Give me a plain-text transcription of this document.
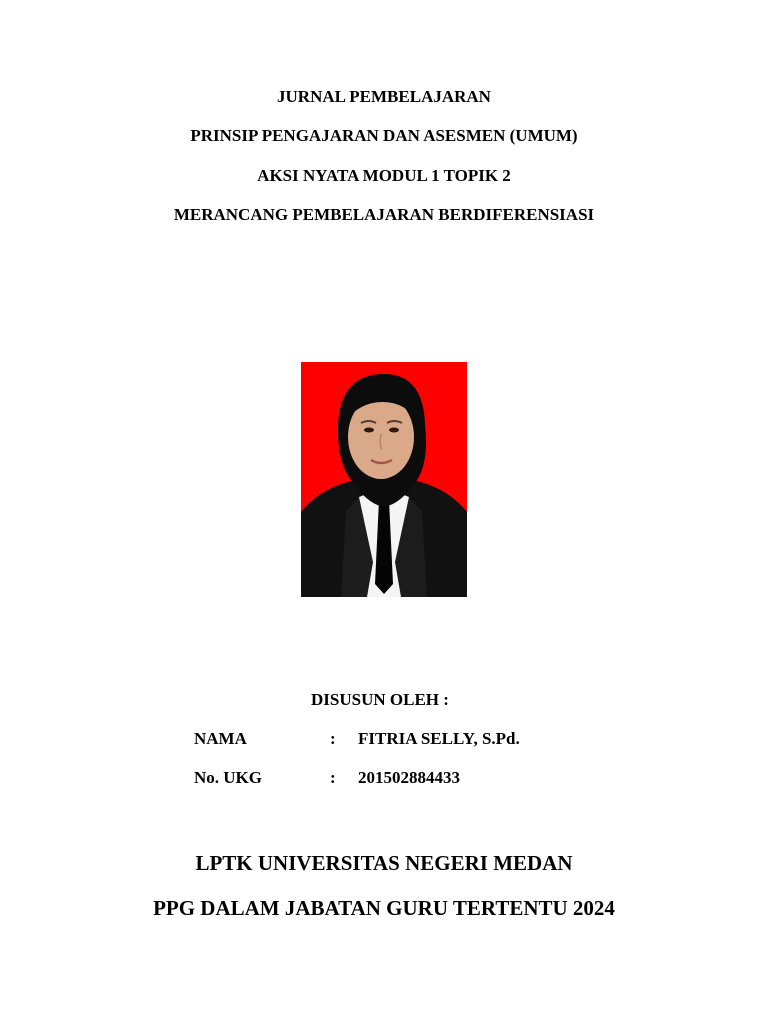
JURNAL PEMBELAJARAN
PRINSIP PENGAJARAN DAN ASESMEN (UMUM)
AKSI NYATA MODUL 1 TOPIK 2
MERANCANG PEMBELAJARAN BERDIFERENSIASI
DISUSUN OLEH :
NAMA	: FITRIA SELLY, S.Pd.
No. UKG	: 201502884433
LPTK UNIVERSITAS NEGERI MEDAN
PPG DALAM JABATAN GURU TERTENTU 2024
